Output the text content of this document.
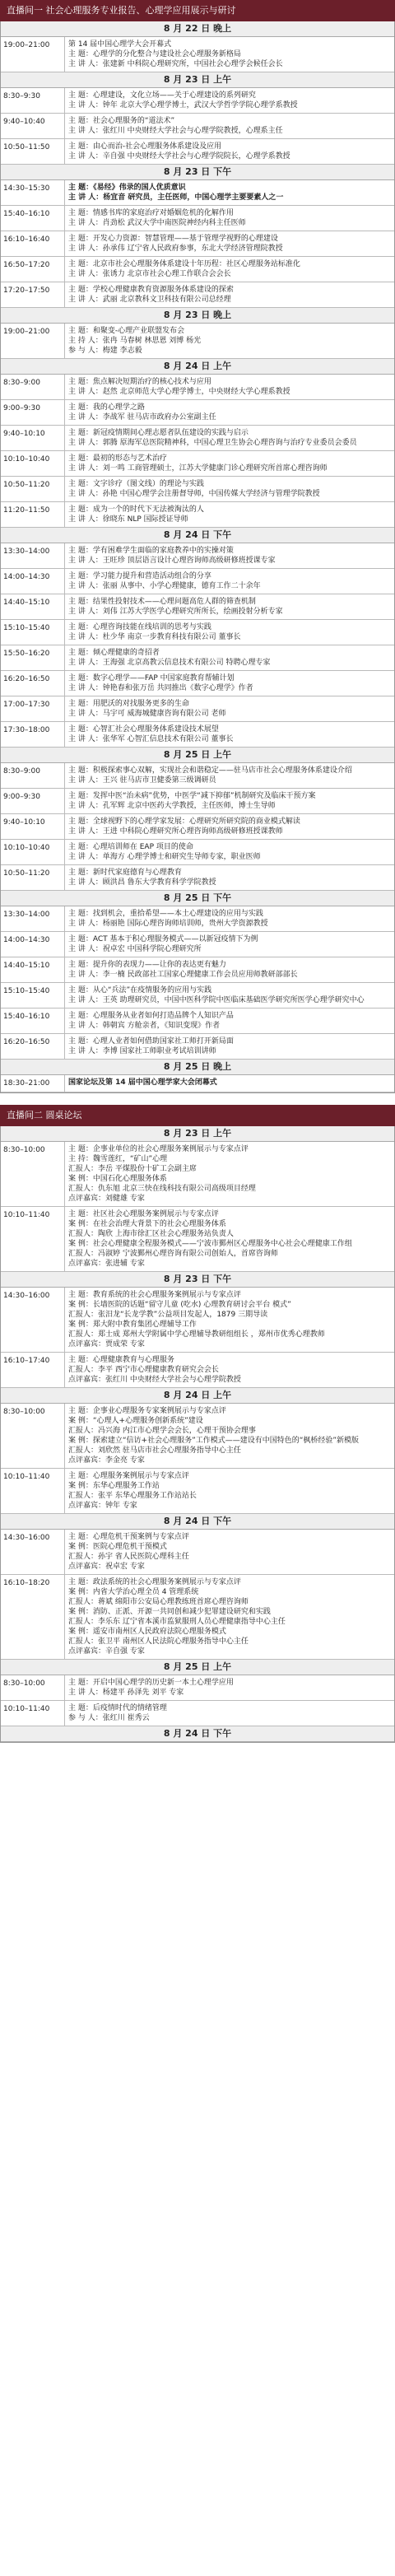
直播间一 社会心理服务专业报告、心理学应用展示与研讨
8 月 22 日 晚上
19:00–21:00	第 14 届中国心理学大会开幕式
主 题：心理学的分化整合与建设社会心理服务新格局
主 讲 人：张建新 中科院心理研究所，中国社会心理学会候任会长
8 月 23 日 上午
8:30–9:30	主 题：心理建设，文化立场——关于心理建设的系列研究
主 讲 人：钟年 北京大学心理学博士，武汉大学哲学学院心理学系教授
9:40–10:40	主 题：社会心理服务的“道法术”
主 讲 人：张红川 中央财经大学社会与心理学院教授，心理系主任
10:50–11:50	主 题：由心而治-社会心理服务体系建设及应用
主 讲 人：辛自强 中央财经大学社会与心理学院院长，心理学系教授
8 月 23 日 下午
14:30–15:30	主 题：《易经》伟录的国人优质意识
主 讲 人：杨宜音 研究员，主任医师，中国心理学主要要素人之一
15:40–16:10	主 题：情感书库的家庭治疗对婚姻危机的化解作用
主 讲 人：肖劲松 武汉大学中南医院神经内科主任医师
16:10–16:40	主 题：开发心力资源：智慧管理——基于管理学视野的心理建设
主 讲 人：孙承伟 辽宁省人民政府参事，东北大学经济管理院教授
16:50–17:20	主 题：北京市社会心理服务体系建设十年历程：社区心理服务站标准化
主 讲 人：张诱力 北京市社会心理工作联合会会长
17:20–17:50	主 题：学校心理健康教育资源服务体系建设的探索
主 讲 人：武丽 北京教科文卫科技有限公司总经理
8 月 23 日 晚上
19:00–21:00	主 题：和聚变-心理产业联盟发布会
主 持 人：张冉 马春树 林思恩 刘博 杨光
参 与 人：梅建 李志毅
8 月 24 日 上午
8:30–9:00	主 题：焦点解决短期治疗的核心技术与应用
主 讲 人：赵然 北京师范大学心理学博士，中央财经大学心理系教授
9:00–9:30	主 题：我的心理学之路
主 讲 人：李战军 驻马店市政府办公室副主任
9:40–10:10	主 题：新冠疫情期间心理志愿者队伍建设的实践与启示
主 讲 人：郭腾 原海军总医院精神科，中国心理卫生协会心理咨询与治疗专业委员会委员
10:10–10:40	主 题：最初的形态与艺术治疗
主 讲 人：刘一鸣 工商管理硕士，江苏大学健康门诊心理研究所首席心理咨询师
10:50–11:20	主 题：文字诊疗（图文线）的理论与实践
主 讲 人：孙艳 中国心理学会注册督导师，中国传媒大学经济与管理学院教授
11:20–11:50	主 题：成为一个的时代下无法被淘汰的人
主 讲 人：徐晓东 NLP 国际授证导师
8 月 24 日 下午
13:30–14:00	主 题：学有困难学生面临的家庭教养中的实操对策
主 讲 人：王旺珍 顶层语言设计心理咨询师高级研修班授课专家
14:00–14:30	主 题：学习能力提升和营造活动组合的分享
主 讲 人：张丽 从事中、小学心理健康，德育工作二十余年
14:40–15:10	主 题：结果性投射技术——心理问题高危人群的筛查机制
主 讲 人：刘伟 江苏大学医学心理研究所所长，绘画投射分析专家
15:10–15:40	主 题：心理咨询技能在线培训的思考与实践
主 讲 人：杜少华 南京一步教育科技有限公司 董事长
15:50–16:20	主 题：倾心理健康的奇招者
主 讲 人：王海强 北京高教云信息技术有限公司 特聘心理专家
16:20–16:50	主 题：数字心理学——FAP 中国家庭教育帮辅计划
主 讲 人：钟艳春和张万岳 共同推出《数字心理学》作者
17:00–17:30	主 题：用肥沃的对找服务更多的生命
主 讲 人：马宇可 威海城健康咨询有限公司 老师
17:30–18:00	主 题：心智汇社会心理服务体系建设技术展望
主 讲 人：张华军 心智汇信息技术有限公司 董事长
8 月 25 日 上午
8:30–9:00	主 题：积极探索事心双解，实现社会和谐稳定——驻马店市社会心理服务体系建设介绍
主 讲 人：王兴 驻马店市卫健委第三级调研员
9:00–9:30	主 题：发挥中医“治未病”优势，中医学“减下抑郁”机制研究及临床干预方案
主 讲 人：孔军辉 北京中医药大学教授，主任医师，博士生导师
9:40–10:10	主 题：全球视野下的心理学家发展：心理研究所研究院的商业模式解读
主 讲 人：王进 中科院心理研究所心理咨询师高级研修班授课教师
10:10–10:40	主 题：心理培训师在 EAP 项目的使命
主 讲 人：单海方 心理学博士和研究生导师专家，职业医师
10:50–11:20	主 题：新时代家庭德育与心理教育
主 讲 人：顾洪昌 鲁东大学教育科学学院教授
8 月 25 日 下午
13:30–14:00	主 题：找到机会，重拾希望——本土心理建设的应用与实践
主 讲 人：杨丽艳 国际心理咨询师培训师，贵州大学资源教授
14:00–14:30	主 题：ACT 基本于积心理服务模式——以新冠疫情下为例
主 讲 人：祝卓宏 中国科学院心理研究所
14:40–15:10	主 题：提升你的表现力——让你的表达更有魅力
主 讲 人：李一楠 民政部社工国家心理健康工作会员应用师教研部部长
15:10–15:40	主 题：从心“兵法”在疫情服务的应用与实践
主 讲 人：王英 助理研究员，中国中医科学院中医临床基础医学研究所医学心理学研究中心
15:40–16:10	主 题：心理服务从业者如何打造品牌个人知识产品
主 讲 人：韩朝宾 方舱亲者，《知识变现》作者
16:20–16:50	主 题：心理人业者如何借助国家社工师打开新局面
主 讲 人：李博 国家社工师职业考试培训讲师
8 月 25 日 晚上
18:30–21:00	国家论坛及第 14 届中国心理学家大会闭幕式
直播间二 圆桌论坛
8 月 23 日 上午
8:30–10:00	主 题：企事业单位的社会心理服务案例展示与专家点评
主 持：魏雪莲红，“矿山”心理
汇报人：李岳 平煤股份十矿工会副主席
案 例：中国石化心理服务体系
汇报人：仇东旭 北京三快在线科技有限公司高级项目经理
点评嘉宾：刘健雄 专家
10:10–11:40	主 题：社区社会心理服务案例展示与专家点评
案 例：在社会治理大背景下的社会心理服务体系
汇报人：陶欣 上海市徐汇区社会心理服务站负责人
案 例：社会心理健康全程服务模式——宁波市鄞州区心理服务中心社会心理健康工作组
汇报人：冯淑婷 宁波鄞州心理咨询有限公司创始人，首席咨询师
点评嘉宾：张进辅 专家
8 月 23 日 下午
14:30–16:00	主 题：教育系统的社会心理服务案例展示与专家点评
案 例：长墙医院的话题“留守儿童 (吃水) 心理教育研讨会平台 模式”
汇报人：张汨龙“长龙学教”公益项目发起人，1879 三期导读
案 例：郑大附中教育集团心理辅导工作
汇报人：郑士成 郑州大学附属中学心理辅导教研组组长 ，郑州市优秀心理教师
点评嘉宾：贾成荣 专家
16:10–17:40	主 题：心理健康教育与心理服务
汇报人：李平 西宁市心理健康教育研究会会长
点评嘉宾：张红川 中央财经大学社会与心理学院教授
8 月 24 日 上午
8:30–10:00	主 题：企事业心理服务专家案例展示与专家点评
案 例：“心理人+心理服务创新系统”建设
汇报人：冯兴海 内江市心理学会会长，心理干预协会理事
案 例：探索建立“信访+社会心理服务”工作模式——建设有中国特色的“枫桥经验”新模版
汇报人：刘欣然 驻马店市社会心理服务指导中心主任
点评嘉宾：李金亮 专家
10:10–11:40	主 题：心理服务案例展示与专家点评
案 例：东华心理服务工作站
汇报人：张平 东华心理服务工作站站长
点评嘉宾：钟年 专家
8 月 24 日 下午
14:30–16:00	主 题：心理危机干预案例与专家点评
案 例：医院心理危机干预模式
汇报人：孙宇 省人民医院心理科主任
点评嘉宾：祝卓宏 专家
16:10–18:20	主 题：政法系统的社会心理服务案例展示与专家点评
案 例：内省大学治心理全员 4 管理系统
汇报人：蒋斌 绵阳市公安局心理教练班首席心理咨询师
案 例：消防、正派、开源一共同创和减少犯罪建设研究和实践
汇报人：李乐东 辽宁省本溪市监狱服刑人员心理健康指导中心主任
案 例：遥安市南州区人民政府法院心理服务模式
汇报人：张卫平 南州区人民法院心理服务指导中心主任
点评嘉宾：辛自强 专家
8 月 25 日 上午
8:30–10:00	主 题：开启中国心理学的历史新一本土心理学应用
主 讲 人：杨建平 孙泽先 刘平 专家
10:10–11:40	主 题：后疫情时代的情绪管理
参 与 人：张红川 崔秀云
8 月 24 日 下午
